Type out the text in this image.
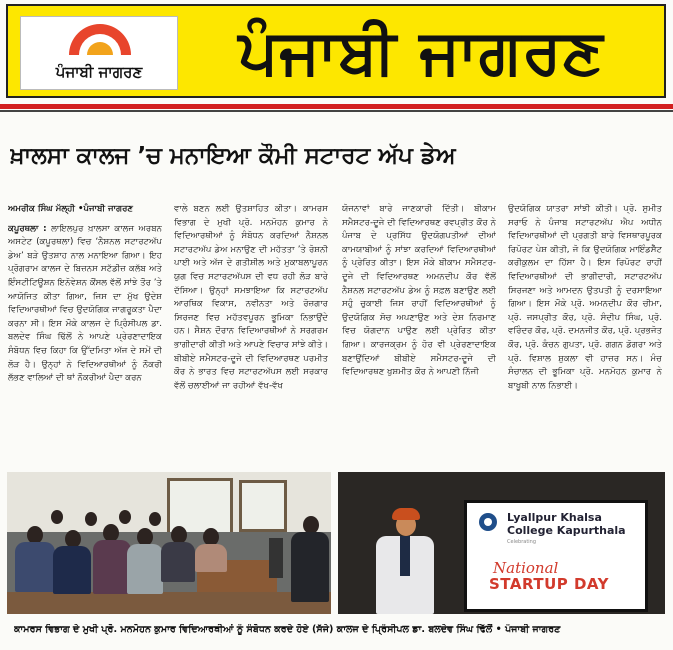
ਪੰਜਾਬੀ ਜਾਗਰਣ	ਪੰਜਾਬੀ ਜਾਗਰਣ
ਖ਼ਾਲਸਾ ਕਾਲਜ ’ਚ ਮਨਾਇਆ ਕੌਮੀ ਸਟਾਰਟ ਅੱਪ ਡੇਅ
ਅਮਰੀਕ ਸਿੰਘ ਮੱਲ੍ਹੀ •ਪੰਜਾਬੀ ਜਾਗਰਣ
ਕਪੂਰਥਲਾ : ਲਾਇਲਪੁਰ ਖ਼ਾਲਸਾ ਕਾਲਜ ਅਰਬਨ ਅਸਟੇਟ (ਕਪੂਰਥਲਾ) ਵਿਚ ‘ਨੈਸ਼ਨਲ ਸਟਾਰਟਅੱਪ ਡੇਅ’ ਬੜੇ ਉਤਸ਼ਾਹ ਨਾਲ ਮਨਾਇਆ ਗਿਆ। ਇਹ ਪ੍ਰੋਗਰਾਮ ਕਾਲਜ ਦੇ ਬਿਜ਼ਨਸ ਸਟੱਡੀਜ਼ ਕਲੱਬ ਅਤੇ ਇੰਸਟੀਟਿਊਸ਼ਨ ਇਨੋਵੇਸ਼ਨ ਕੌਂਸਲ ਵੱਲੋਂ ਸਾਂਝੇ ਤੌਰ ’ਤੇ ਆਯੋਜਿਤ ਕੀਤਾ ਗਿਆ, ਜਿਸ ਦਾ ਮੁੱਖ ਉਦੇਸ਼ ਵਿਦਿਆਰਥੀਆਂ ਵਿਚ ਉਦਯੋਗਿਕ ਜਾਗਰੂਕਤਾ ਪੈਦਾ ਕਰਨਾ ਸੀ। ਇਸ ਮੌਕੇ ਕਾਲਜ ਦੇ ਪ੍ਰਿੰਸੀਪਲ ਡਾ. ਬਲਦੇਵ ਸਿੰਘ ਢਿੱਲੋਂ ਨੇ ਆਪਣੇ ਪ੍ਰੇਰਣਾਦਾਇਕ ਸੰਬੋਧਨ ਵਿਚ ਕਿਹਾ ਕਿ ਉੱਦਮਿਤਾ ਅੱਜ ਦੇ ਸਮੇਂ ਦੀ ਲੋੜ ਹੈ। ਉਨ੍ਹਾਂ ਨੇ ਵਿਦਿਆਰਥੀਆਂ ਨੂੰ ਨੌਕਰੀ ਲੱਭਣ ਵਾਲਿਆਂ ਦੀ ਥਾਂ ਨੌਕਰੀਆਂ ਪੈਦਾ ਕਰਨ
ਵਾਲੇ ਬਣਨ ਲਈ ਉਤਸ਼ਾਹਿਤ ਕੀਤਾ। ਕਾਮਰਸ ਵਿਭਾਗ ਦੇ ਮੁਖੀ ਪ੍ਰੋ. ਮਨਮੋਹਨ ਕੁਮਾਰ ਨੇ ਵਿਦਿਆਰਥੀਆਂ ਨੂੰ ਸੰਬੋਧਨ ਕਰਦਿਆਂ ਨੈਸ਼ਨਲ ਸਟਾਰਟਅੱਪ ਡੇਅ ਮਨਾਉਣ ਦੀ ਮਹੱਤਤਾ ’ਤੇ ਰੋਸ਼ਨੀ ਪਾਈ ਅਤੇ ਅੱਜ ਦੇ ਗਤੀਸ਼ੀਲ ਅਤੇ ਮੁਕਾਬਲਾਪੂਰਨ ਯੁਗ ਵਿਚ ਸਟਾਰਟਅੱਪਸ ਦੀ ਵਧ ਰਹੀ ਲੋੜ ਬਾਰੇ ਦੱਸਿਆ। ਉਨ੍ਹਾਂ ਸਮਝਾਇਆ ਕਿ ਸਟਾਰਟਅੱਪ ਆਰਥਿਕ ਵਿਕਾਸ, ਨਵੀਨਤਾ ਅਤੇ ਰੋਜ਼ਗਾਰ ਸਿਰਜਣ ਵਿਚ ਮਹੱਤਵਪੂਰਨ ਭੂਮਿਕਾ ਨਿਭਾਉਂਦੇ ਹਨ। ਸੈਸ਼ਨ ਦੌਰਾਨ ਵਿਦਿਆਰਥੀਆਂ ਨੇ ਸਰਗਰਮ ਭਾਗੀਦਾਰੀ ਕੀਤੀ ਅਤੇ ਆਪਣੇ ਵਿਚਾਰ ਸਾਂਝੇ ਕੀਤੇ। ਬੀਬੀਏ ਸਮੈਸਟਰ-ਦੂਜੇ ਦੀ ਵਿਦਿਆਰਥਣ ਪਰਮੀਤ ਕੌਰ ਨੇ ਭਾਰਤ ਵਿਚ ਸਟਾਰਟਅੱਪਸ ਲਈ ਸਰਕਾਰ ਵੱਲੋਂ ਚਲਾਈਆਂ ਜਾ ਰਹੀਆਂ ਵੱਖ-ਵੱਖ
ਯੋਜਨਾਵਾਂ ਬਾਰੇ ਜਾਣਕਾਰੀ ਦਿੱਤੀ। ਬੀਕਾਮ ਸਮੈਸਟਰ-ਦੂਜੇ ਦੀ ਵਿਦਿਆਰਥਣ ਰਵਪ੍ਰੀਤ ਕੌਰ ਨੇ ਪੰਜਾਬ ਦੇ ਪ੍ਰਸਿੱਧ ਉਦਯੋਗਪਤੀਆਂ ਦੀਆਂ ਕਾਮਯਾਬੀਆਂ ਨੂੰ ਸਾਂਝਾ ਕਰਦਿਆਂ ਵਿਦਿਆਰਥੀਆਂ ਨੂੰ ਪ੍ਰੇਰਿਤ ਕੀਤਾ। ਇਸ ਮੌਕੇ ਬੀਕਾਮ ਸਮੈਸਟਰ-ਦੂਜੇ ਦੀ ਵਿਦਿਆਰਥਣ ਅਮਨਦੀਪ ਕੌਰ ਵੱਲੋਂ ਨੈਸ਼ਨਲ ਸਟਾਰਟਅੱਪ ਡੇਅ ਨੂੰ ਸਫ਼ਲ ਬਣਾਉਣ ਲਈ ਸਹੁੰ ਚੁਕਾਈ ਜਿਸ ਰਾਹੀਂ ਵਿਦਿਆਰਥੀਆਂ ਨੂੰ ਉਦਯੋਗਿਕ ਸੋਚ ਅਪਣਾਉਣ ਅਤੇ ਦੇਸ਼ ਨਿਰਮਾਣ ਵਿਚ ਯੋਗਦਾਨ ਪਾਉਣ ਲਈ ਪ੍ਰੇਰਿਤ ਕੀਤਾ ਗਿਆ। ਕਾਰਜਕ੍ਰਮ ਨੂੰ ਹੋਰ ਵੀ ਪ੍ਰੇਰਣਾਦਾਇਕ ਬਣਾਉਂਦਿਆਂ ਬੀਬੀਏ ਸਮੈਸਟਰ-ਦੂਜੇ ਦੀ ਵਿਦਿਆਰਥਣ ਖੁਸ਼ਮੀਤ ਕੌਰ ਨੇ ਆਪਣੀ ਨਿੱਜੀ
ਉਦਯੋਗਿਕ ਯਾਤਰਾ ਸਾਂਝੀ ਕੀਤੀ। ਪ੍ਰੋ. ਸੁਮੀਤ ਸਰਾਓ ਨੇ ਪੰਜਾਬ ਸਟਾਰਟਅੱਪ ਐਪ ਅਧੀਨ ਵਿਦਿਆਰਥੀਆਂ ਦੀ ਪ੍ਰਗਤੀ ਬਾਰੇ ਵਿਸਥਾਰਪੂਰਕ ਰਿਪੋਰਟ ਪੇਸ਼ ਕੀਤੀ, ਜੋ ਕਿ ਉਦਯੋਗਿਕ ਮਾਇੰਡਸੈੱਟ ਕਰੀਕੁਲਮ ਦਾ ਹਿੱਸਾ ਹੈ। ਇਸ ਰਿਪੋਰਟ ਰਾਹੀਂ ਵਿਦਿਆਰਥੀਆਂ ਦੀ ਭਾਗੀਦਾਰੀ, ਸਟਾਰਟਅੱਪ ਸਿਰਜਣਾ ਅਤੇ ਆਮਦਨ ਉਤਪਤੀ ਨੂੰ ਦਰਸਾਇਆ ਗਿਆ। ਇਸ ਮੌਕੇ ਪ੍ਰੋ. ਅਮਨਦੀਪ ਕੌਰ ਚੀਮਾ, ਪ੍ਰੋ. ਜਸਪ੍ਰੀਤ ਕੌਰ, ਪ੍ਰੋ. ਸੰਦੀਪ ਸਿੰਘ, ਪ੍ਰੋ. ਵਰਿੰਦਰ ਕੌਰ, ਪ੍ਰੋ. ਦਮਨਜੀਤ ਕੌਰ, ਪ੍ਰੋ. ਪ੍ਰਭਜੋਤ ਕੌਰ, ਪ੍ਰੋ. ਕੰਚਨ ਗੁਪਤਾ, ਪ੍ਰੋ. ਗਗਨ ਡੋਗਰਾ ਅਤੇ ਪ੍ਰੋ. ਵਿਸ਼ਾਲ ਸ਼ੁਕਲਾ ਵੀ ਹਾਜ਼ਰ ਸਨ। ਮੰਚ ਸੰਚਾਲਨ ਦੀ ਭੂਮਿਕਾ ਪ੍ਰੋ. ਮਨਮੋਹਨ ਕੁਮਾਰ ਨੇ ਬਾਖੂਬੀ ਨਾਲ ਨਿਭਾਈ।
Lyallpur Khalsa College Kapurthala
Celebrating
National
STARTUP DAY
ਕਾਮਰਸ ਵਿਭਾਗ ਦੇ ਮੁਖੀ ਪ੍ਰੋ. ਮਨਮੋਹਨ ਕੁਮਾਰ ਵਿਦਿਆਰਥੀਆਂ ਨੂੰ ਸੰਬੋਧਨ ਕਰਦੇ ਹੋਏ (ਸੱਜੇ) ਕਾਲਜ ਦੇ ਪ੍ਰਿੰਸੀਪਲ ਡਾ. ਬਲਦੇਵ ਸਿੰਘ ਢਿੱਲੋਂ • ਪੰਜਾਬੀ ਜਾਗਰਣ
